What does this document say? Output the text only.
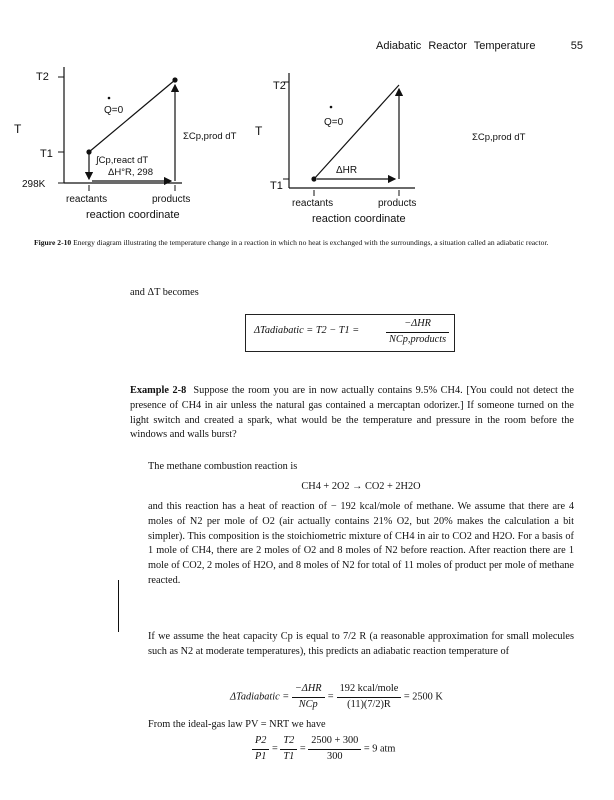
Adiabatic Reactor Temperature	55
T2
T
T1
298K
Q=0
∫Cp,react dT
ΔH°R, 298
ΣCp,prod dT
reactants	products
reaction coordinate
T2
T
T1
Q=0
ΔHR
ΣCp,prod dT
reactants	products
reaction coordinate
Figure 2-10 Energy diagram illustrating the temperature change in a reaction in which no heat is exchanged with the surroundings, a situation called an adiabatic reactor.
and ΔT becomes
ΔTadiabatic = T2 − T1 =
−ΔHR
NCp,products
Example 2-8 Suppose the room you are in now actually contains 9.5% CH4. [You could not detect the presence of CH4 in air unless the natural gas contained a mercaptan odorizer.] If someone turned on the light switch and created a spark, what would be the temperature and pressure in the room before the windows and walls burst?
The methane combustion reaction is
CH4 + 2O2 → CO2 + 2H2O
and this reaction has a heat of reaction of − 192 kcal/mole of methane. We assume that there are 4 moles of N2 per mole of O2 (air actually contains 21% O2, but 20% makes the calculation a bit simpler). This composition is the stoichiometric mixture of CH4 in air to CO2 and H2O. For a basis of 1 mole of CH4, there are 2 moles of O2 and 8 moles of N2 before reaction. After reaction there are 1 mole of CO2, 2 moles of H2O, and 8 moles of N2 for total of 11 moles of product per mole of methane reacted.
If we assume the heat capacity Cp is equal to 7/2 R (a reasonable approximation for small molecules such as N2 at moderate temperatures), this predicts an adiabatic reaction temperature of
ΔTadiabatic = $\frac{\text{−ΔHR}}{\text{NCp}} = \frac{\text{192 kcal/mole}}{(11)(7/2)R} = 2500$ K
From the ideal-gas law PV = NRT we have
$\frac{P2}{P1} = \frac{T2}{T1} = \frac{2500 + 300}{300} = 9$ atm
